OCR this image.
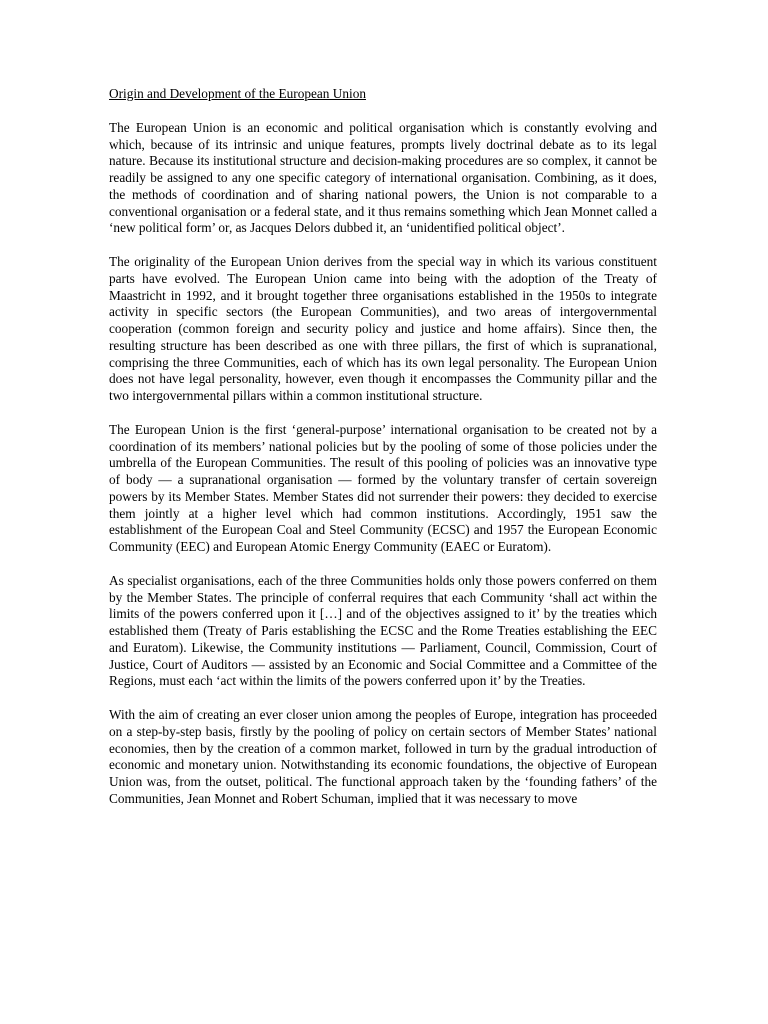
Origin and Development of the European Union

The European Union is an economic and political organisation which is constantly evolving and which, because of its intrinsic and unique features, prompts lively doctrinal debate as to its legal nature. Because its institutional structure and decision-making procedures are so complex, it cannot be readily be assigned to any one specific category of international organisation. Combining, as it does, the methods of coordination and of sharing national powers, the Union is not comparable to a conventional organisation or a federal state, and it thus remains something which Jean Monnet called a ‘new political form’ or, as Jacques Delors dubbed it, an ‘unidentified political object’.

The originality of the European Union derives from the special way in which its various constituent parts have evolved. The European Union came into being with the adoption of the Treaty of Maastricht in 1992, and it brought together three organisations established in the 1950s to integrate activity in specific sectors (the European Communities), and two areas of intergovernmental cooperation (common foreign and security policy and justice and home affairs). Since then, the resulting structure has been described as one with three pillars, the first of which is supranational, comprising the three Communities, each of which has its own legal personality. The European Union does not have legal personality, however, even though it encompasses the Community pillar and the two intergovernmental pillars within a common institutional structure.

The European Union is the first ‘general-purpose’ international organisation to be created not by a coordination of its members’ national policies but by the pooling of some of those policies under the umbrella of the European Communities. The result of this pooling of policies was an innovative type of body — a supranational organisation — formed by the voluntary transfer of certain sovereign powers by its Member States. Member States did not surrender their powers: they decided to exercise them jointly at a higher level which had common institutions. Accordingly, 1951 saw the establishment of the European Coal and Steel Community (ECSC) and 1957 the European Economic Community (EEC) and European Atomic Energy Community (EAEC or Euratom).

As specialist organisations, each of the three Communities holds only those powers conferred on them by the Member States. The principle of conferral requires that each Community ‘shall act within the limits of the powers conferred upon it […] and of the objectives assigned to it’ by the treaties which established them (Treaty of Paris establishing the ECSC and the Rome Treaties establishing the EEC and Euratom). Likewise, the Community institutions — Parliament, Council, Commission, Court of Justice, Court of Auditors — assisted by an Economic and Social Committee and a Committee of the Regions, must each ‘act within the limits of the powers conferred upon it’ by the Treaties.

With the aim of creating an ever closer union among the peoples of Europe, integration has proceeded on a step-by-step basis, firstly by the pooling of policy on certain sectors of Member States’ national economies, then by the creation of a common market, followed in turn by the gradual introduction of economic and monetary union. Notwithstanding its economic foundations, the objective of European Union was, from the outset, political. The functional approach taken by the ‘founding fathers’ of the Communities, Jean Monnet and Robert Schuman, implied that it was necessary to move
